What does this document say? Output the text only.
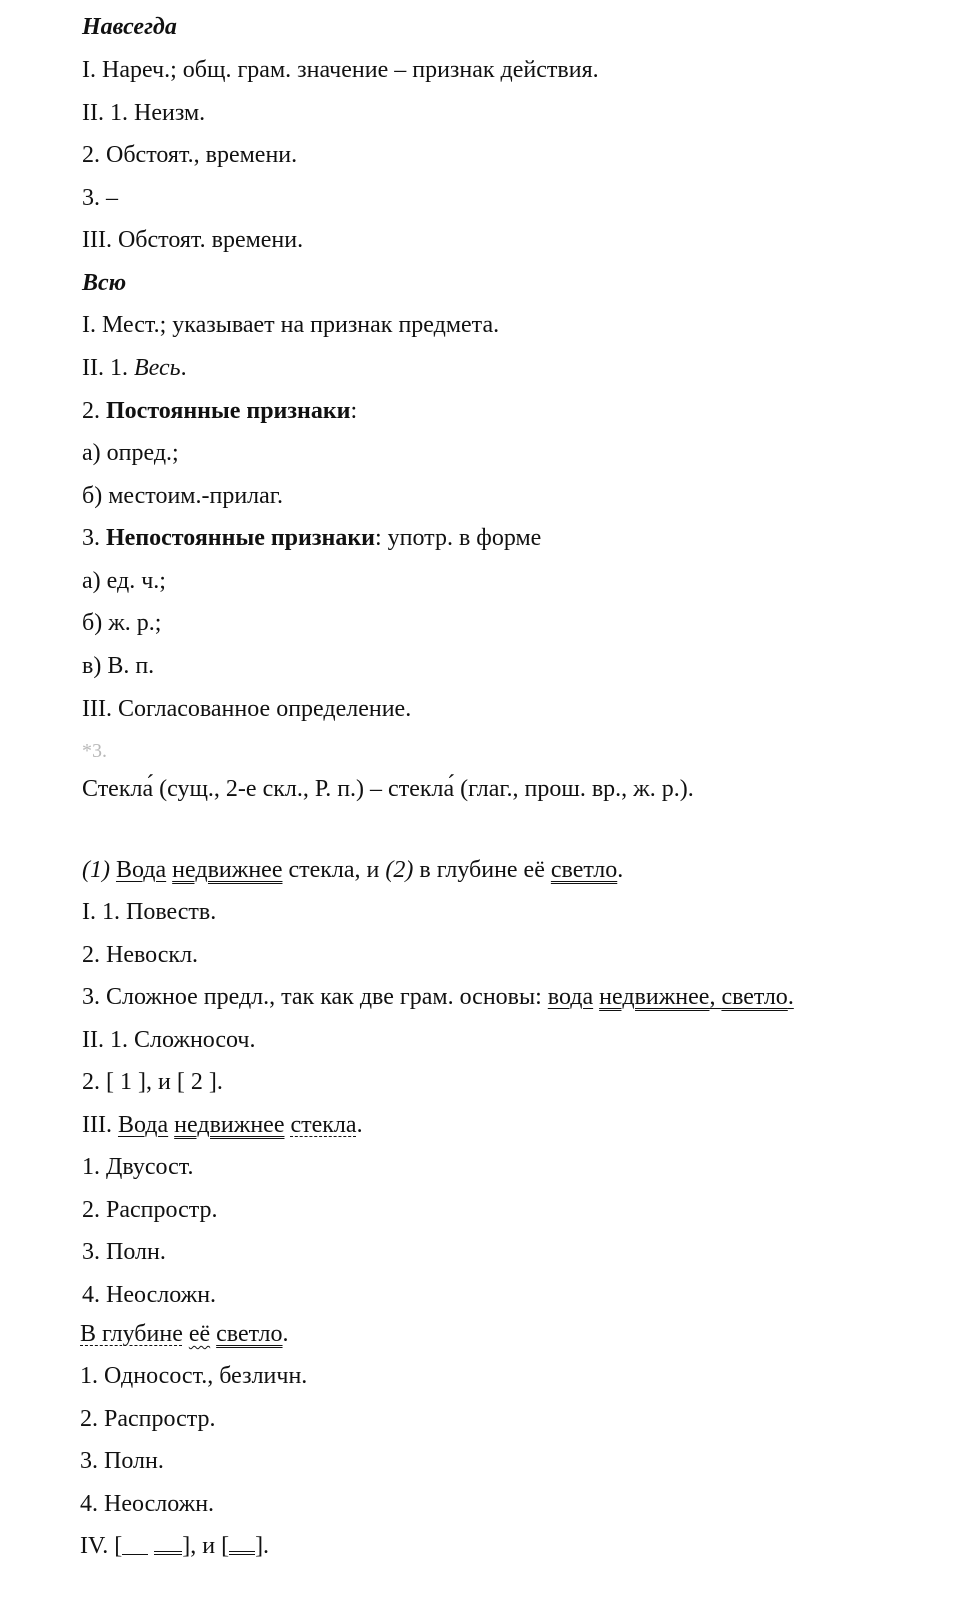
Навсегда
I. Нареч.; общ. грам. значение – признак действия.
II. 1. Неизм.
2. Обстоят., времени.
3. –
III. Обстоят. времени.
Всю
I. Мест.; указывает на признак предмета.
II. 1. Весь.
2. Постоянные признаки:
а) опред.;
б) местоим.-прилаг.
3. Непостоянные признаки: употр. в форме
а) ед. ч.;
б) ж. р.;
в) В. п.
III. Согласованное определение.
*3.
Стекла́ (сущ., 2-е скл., Р. п.) – стекла́ (глаг., прош. вр., ж. р.).
(1) Вода недвижнее стекла, и (2) в глубине её светло.
I. 1. Повеств.
2. Невоскл.
3. Сложное предл., так как две грам. основы: вода недвижнее, светло.
II. 1. Сложносоч.
2. [ 1 ], и [ 2 ].
III. Вода недвижнее стекла.
1. Двусост.
2. Распростр.
3. Полн.
4. Неосложн.
В глубине её светло.
1. Односост., безличн.
2. Распростр.
3. Полн.
4. Неосложн.
IV. [	], и [ ].
